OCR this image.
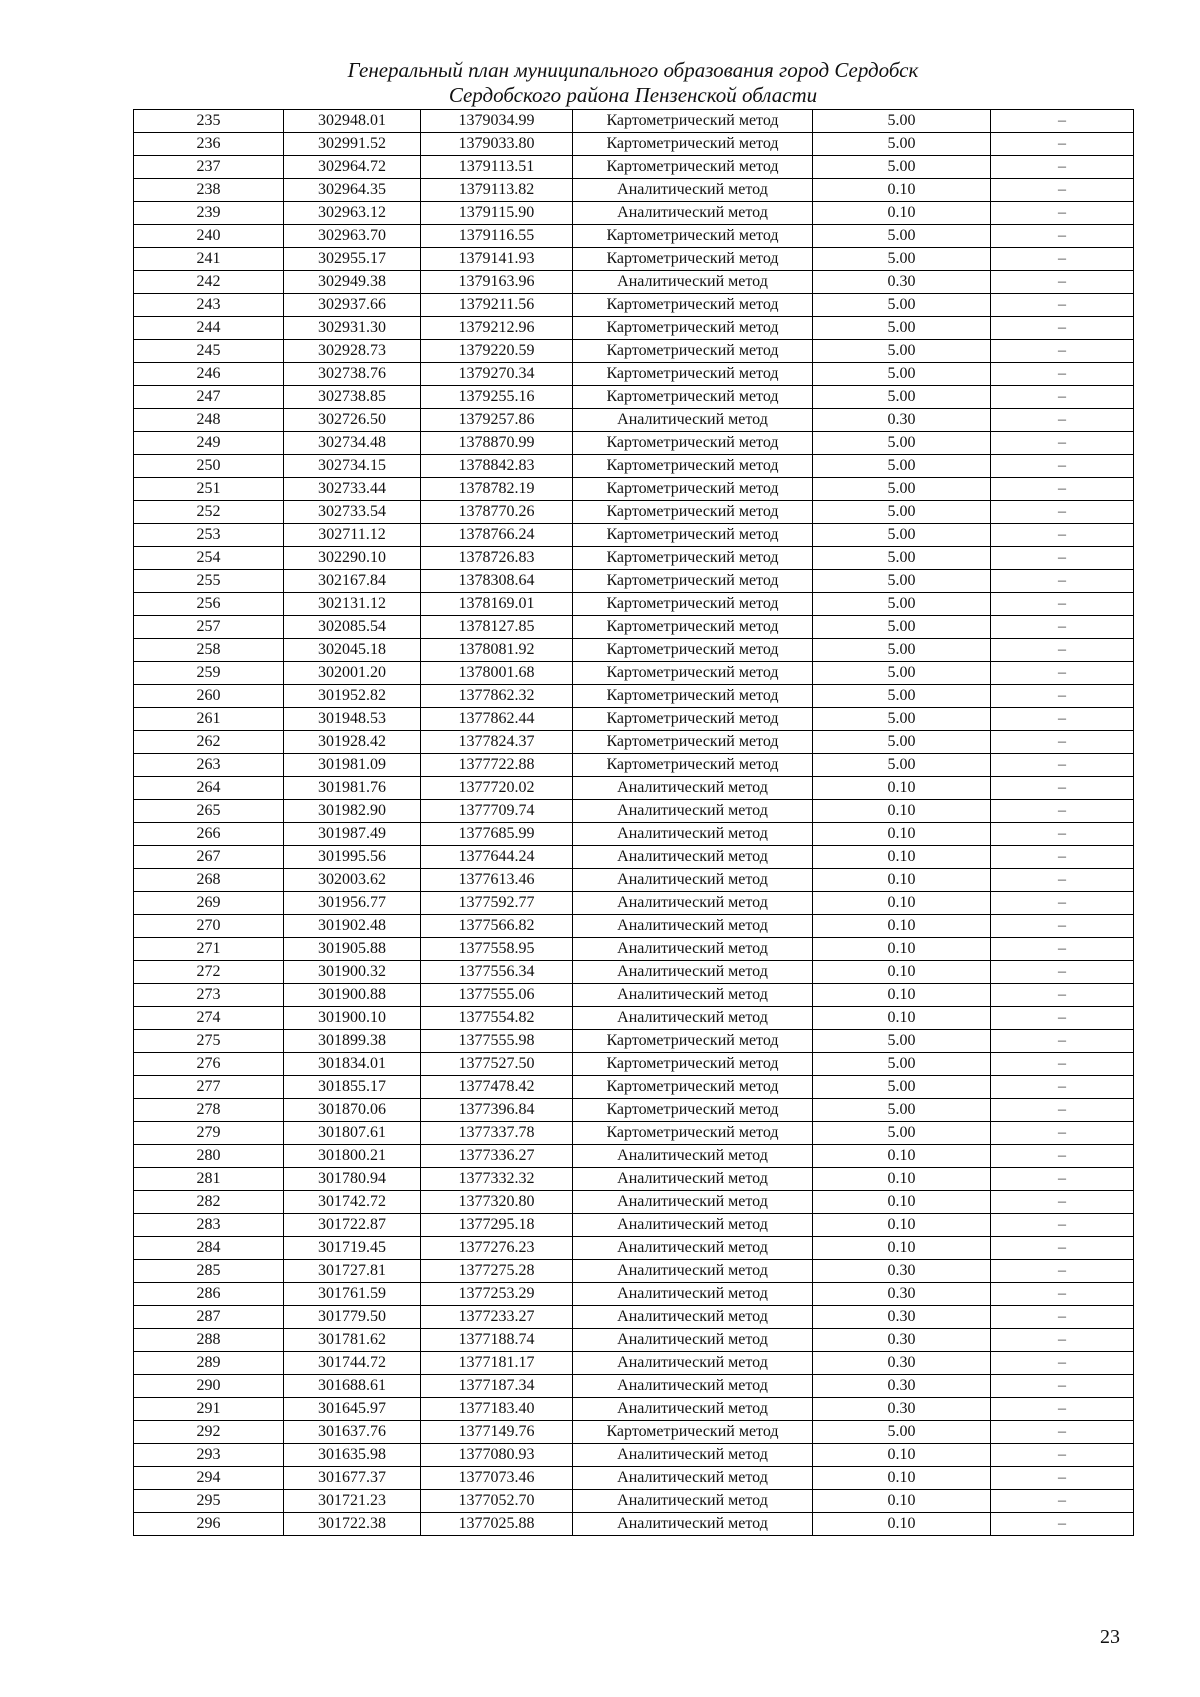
Генеральный план муниципального образования город Сердобск
Сердобского района Пензенской области
235	302948.01	1379034.99	Картометрический метод	5.00	–
236	302991.52	1379033.80	Картометрический метод	5.00	–
237	302964.72	1379113.51	Картометрический метод	5.00	–
238	302964.35	1379113.82	Аналитический метод	0.10	–
239	302963.12	1379115.90	Аналитический метод	0.10	–
240	302963.70	1379116.55	Картометрический метод	5.00	–
241	302955.17	1379141.93	Картометрический метод	5.00	–
242	302949.38	1379163.96	Аналитический метод	0.30	–
243	302937.66	1379211.56	Картометрический метод	5.00	–
244	302931.30	1379212.96	Картометрический метод	5.00	–
245	302928.73	1379220.59	Картометрический метод	5.00	–
246	302738.76	1379270.34	Картометрический метод	5.00	–
247	302738.85	1379255.16	Картометрический метод	5.00	–
248	302726.50	1379257.86	Аналитический метод	0.30	–
249	302734.48	1378870.99	Картометрический метод	5.00	–
250	302734.15	1378842.83	Картометрический метод	5.00	–
251	302733.44	1378782.19	Картометрический метод	5.00	–
252	302733.54	1378770.26	Картометрический метод	5.00	–
253	302711.12	1378766.24	Картометрический метод	5.00	–
254	302290.10	1378726.83	Картометрический метод	5.00	–
255	302167.84	1378308.64	Картометрический метод	5.00	–
256	302131.12	1378169.01	Картометрический метод	5.00	–
257	302085.54	1378127.85	Картометрический метод	5.00	–
258	302045.18	1378081.92	Картометрический метод	5.00	–
259	302001.20	1378001.68	Картометрический метод	5.00	–
260	301952.82	1377862.32	Картометрический метод	5.00	–
261	301948.53	1377862.44	Картометрический метод	5.00	–
262	301928.42	1377824.37	Картометрический метод	5.00	–
263	301981.09	1377722.88	Картометрический метод	5.00	–
264	301981.76	1377720.02	Аналитический метод	0.10	–
265	301982.90	1377709.74	Аналитический метод	0.10	–
266	301987.49	1377685.99	Аналитический метод	0.10	–
267	301995.56	1377644.24	Аналитический метод	0.10	–
268	302003.62	1377613.46	Аналитический метод	0.10	–
269	301956.77	1377592.77	Аналитический метод	0.10	–
270	301902.48	1377566.82	Аналитический метод	0.10	–
271	301905.88	1377558.95	Аналитический метод	0.10	–
272	301900.32	1377556.34	Аналитический метод	0.10	–
273	301900.88	1377555.06	Аналитический метод	0.10	–
274	301900.10	1377554.82	Аналитический метод	0.10	–
275	301899.38	1377555.98	Картометрический метод	5.00	–
276	301834.01	1377527.50	Картометрический метод	5.00	–
277	301855.17	1377478.42	Картометрический метод	5.00	–
278	301870.06	1377396.84	Картометрический метод	5.00	–
279	301807.61	1377337.78	Картометрический метод	5.00	–
280	301800.21	1377336.27	Аналитический метод	0.10	–
281	301780.94	1377332.32	Аналитический метод	0.10	–
282	301742.72	1377320.80	Аналитический метод	0.10	–
283	301722.87	1377295.18	Аналитический метод	0.10	–
284	301719.45	1377276.23	Аналитический метод	0.10	–
285	301727.81	1377275.28	Аналитический метод	0.30	–
286	301761.59	1377253.29	Аналитический метод	0.30	–
287	301779.50	1377233.27	Аналитический метод	0.30	–
288	301781.62	1377188.74	Аналитический метод	0.30	–
289	301744.72	1377181.17	Аналитический метод	0.30	–
290	301688.61	1377187.34	Аналитический метод	0.30	–
291	301645.97	1377183.40	Аналитический метод	0.30	–
292	301637.76	1377149.76	Картометрический метод	5.00	–
293	301635.98	1377080.93	Аналитический метод	0.10	–
294	301677.37	1377073.46	Аналитический метод	0.10	–
295	301721.23	1377052.70	Аналитический метод	0.10	–
296	301722.38	1377025.88	Аналитический метод	0.10	–
23
